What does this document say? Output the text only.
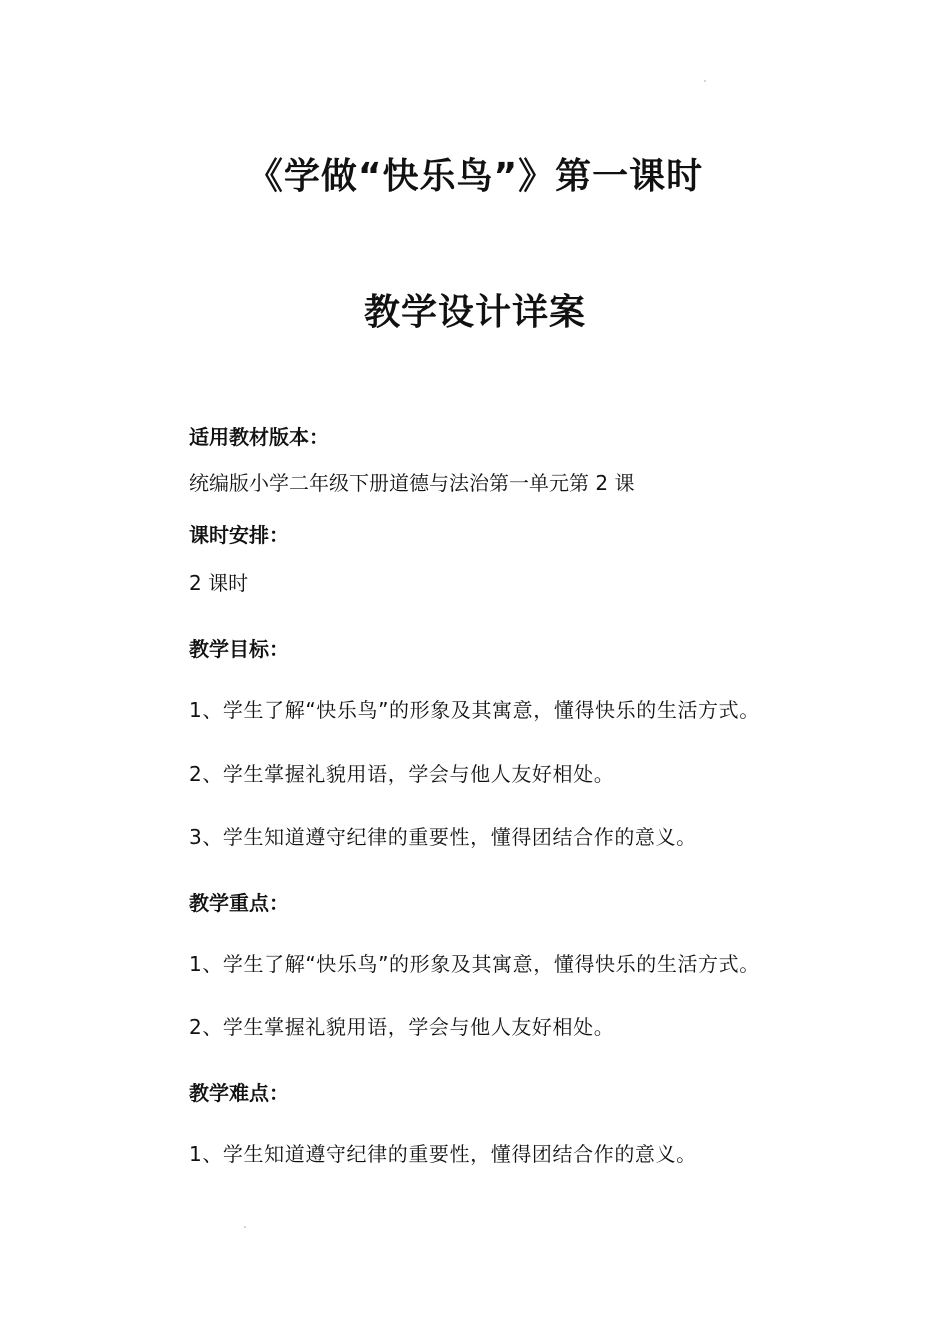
《学做“快乐鸟”》第一课时
教学设计详案
适用教材版本：
统编版小学二年级下册道德与法治第一单元第 2 课
课时安排：
2 课时
教学目标：
1、学生了解“快乐鸟”的形象及其寓意，懂得快乐的生活方式。
2、学生掌握礼貌用语，学会与他人友好相处。
3、学生知道遵守纪律的重要性，懂得团结合作的意义。
教学重点：
1、学生了解“快乐鸟”的形象及其寓意，懂得快乐的生活方式。
2、学生掌握礼貌用语，学会与他人友好相处。
教学难点：
1、学生知道遵守纪律的重要性，懂得团结合作的意义。
